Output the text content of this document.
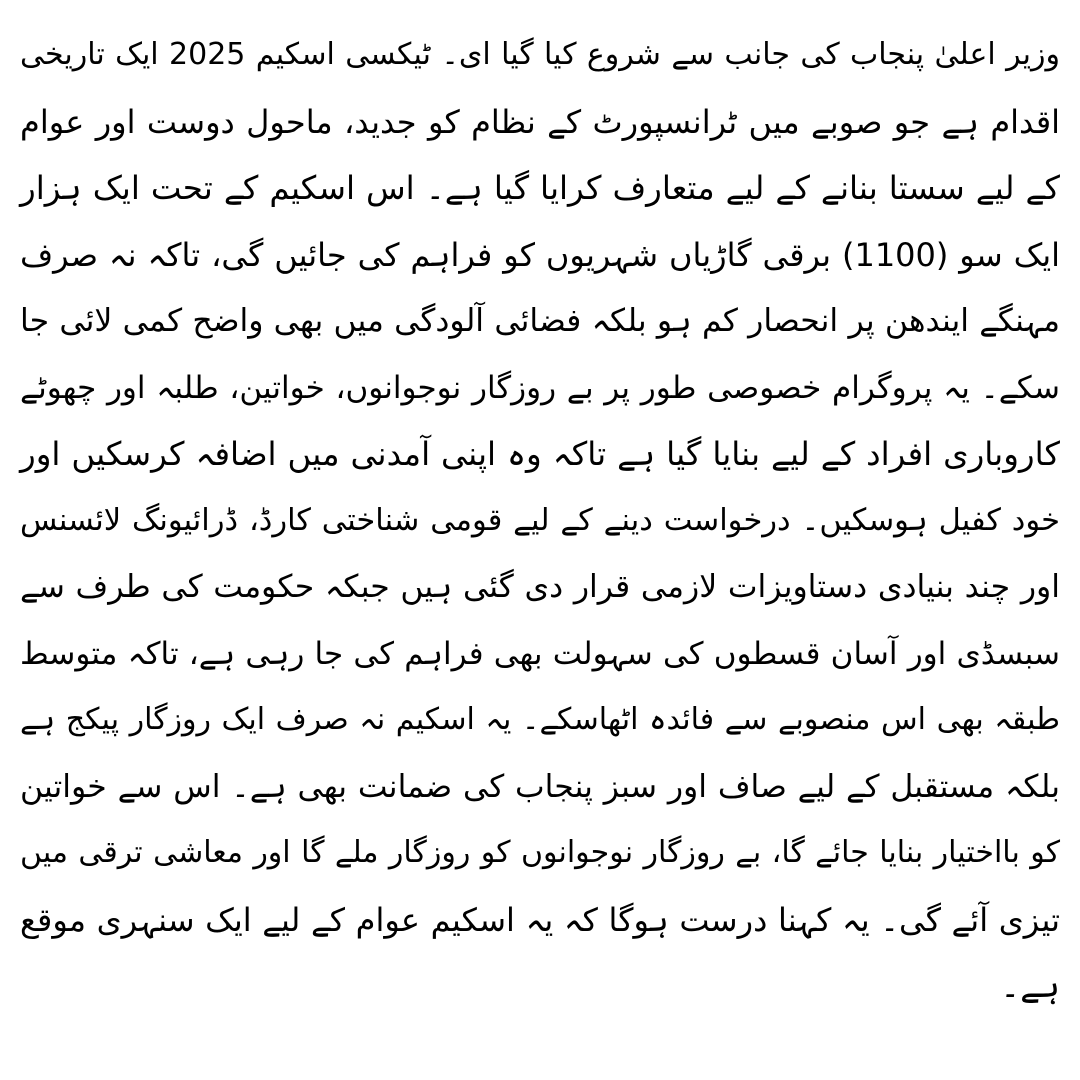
وزیر اعلیٰ پنجاب کی جانب سے شروع کیا گیا ای۔ ٹیکسی اسکیم 2025 ایک تاریخی
اقدام ہے جو صوبے میں ٹرانسپورٹ کے نظام کو جدید، ماحول دوست اور عوام
کے لیے سستا بنانے کے لیے متعارف کرایا گیا ہے۔ اس اسکیم کے تحت ایک ہزار
ایک سو (1100) برقی گاڑیاں شہریوں کو فراہم کی جائیں گی، تاکہ نہ صرف
مہنگے ایندھن پر انحصار کم ہو بلکہ فضائی آلودگی میں بھی واضح کمی لائی جا
سکے۔ یہ پروگرام خصوصی طور پر بے روزگار نوجوانوں، خواتین، طلبہ اور چھوٹے
کاروباری افراد کے لیے بنایا گیا ہے تاکہ وہ اپنی آمدنی میں اضافہ کرسکیں اور
خود کفیل ہوسکیں۔ درخواست دینے کے لیے قومی شناختی کارڈ، ڈرائیونگ لائسنس
اور چند بنیادی دستاویزات لازمی قرار دی گئی ہیں جبکہ حکومت کی طرف سے
سبسڈی اور آسان قسطوں کی سہولت بھی فراہم کی جا رہی ہے، تاکہ متوسط
طبقہ بھی اس منصوبے سے فائدہ اٹھاسکے۔ یہ اسکیم نہ صرف ایک روزگار پیکج ہے
بلکہ مستقبل کے لیے صاف اور سبز پنجاب کی ضمانت بھی ہے۔ اس سے خواتین
کو بااختیار بنایا جائے گا، بے روزگار نوجوانوں کو روزگار ملے گا اور معاشی ترقی میں
تیزی آئے گی۔ یہ کہنا درست ہوگا کہ یہ اسکیم عوام کے لیے ایک سنہری موقع
ہے۔
